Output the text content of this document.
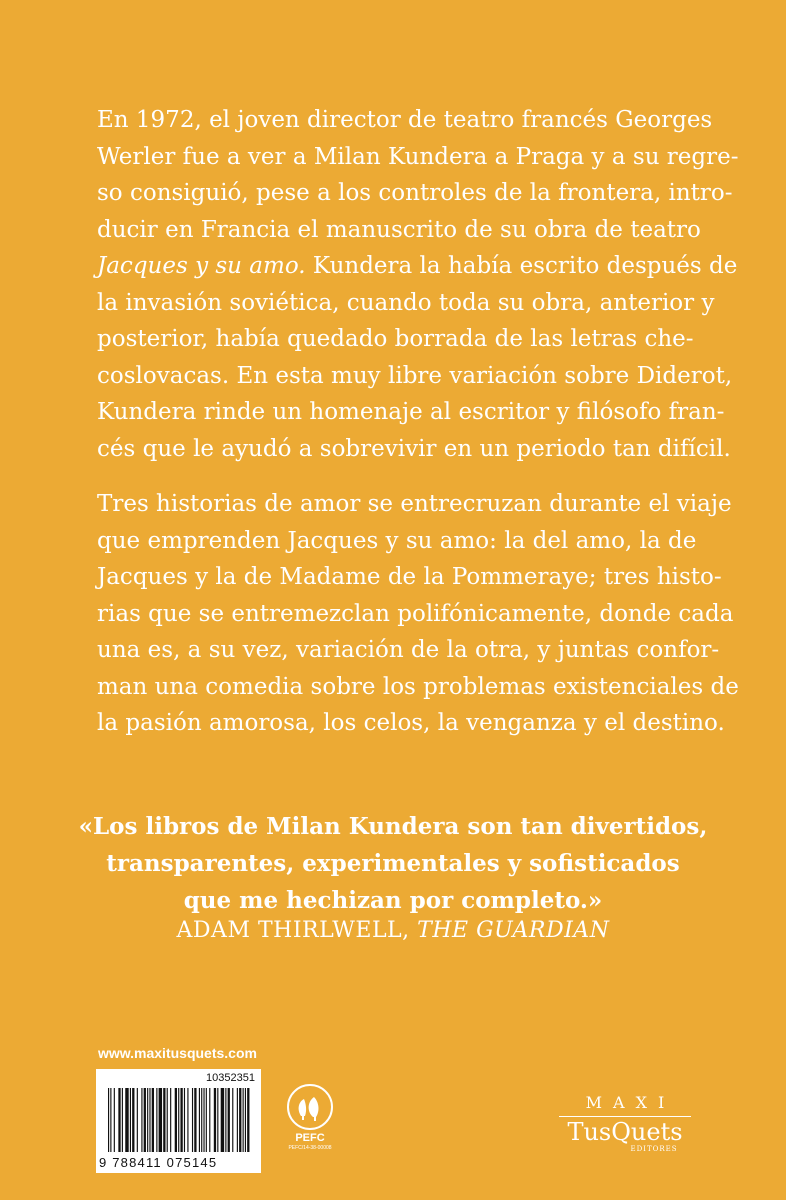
En 1972, el joven director de teatro francés Georges
Werler fue a ver a Milan Kundera a Praga y a su regre-
so consiguió, pese a los controles de la frontera, intro-
ducir en Francia el manuscrito de su obra de teatro
Jacques y su amo. Kundera la había escrito después de
la invasión soviética, cuando toda su obra, anterior y
posterior, había quedado borrada de las letras che-
coslovacas. En esta muy libre variación sobre Diderot,
Kundera rinde un homenaje al escritor y filósofo fran-
cés que le ayudó a sobrevivir en un periodo tan difícil.
Tres historias de amor se entrecruzan durante el viaje
que emprenden Jacques y su amo: la del amo, la de
Jacques y la de Madame de la Pommeraye; tres histo-
rias que se entremezclan polifónicamente, donde cada
una es, a su vez, variación de la otra, y juntas confor-
man una comedia sobre los problemas existenciales de
la pasión amorosa, los celos, la venganza y el destino.
«Los libros de Milan Kundera son tan divertidos,
transparentes, experimentales y sofisticados
que me hechizan por completo.»
ADAM THIRLWELL, THE GUARDIAN
www.maxitusquets.com
10352351
9 788411 075145
PEFC
PEFC/14-38-00008
MAXI
TusQuets
EDITORES
